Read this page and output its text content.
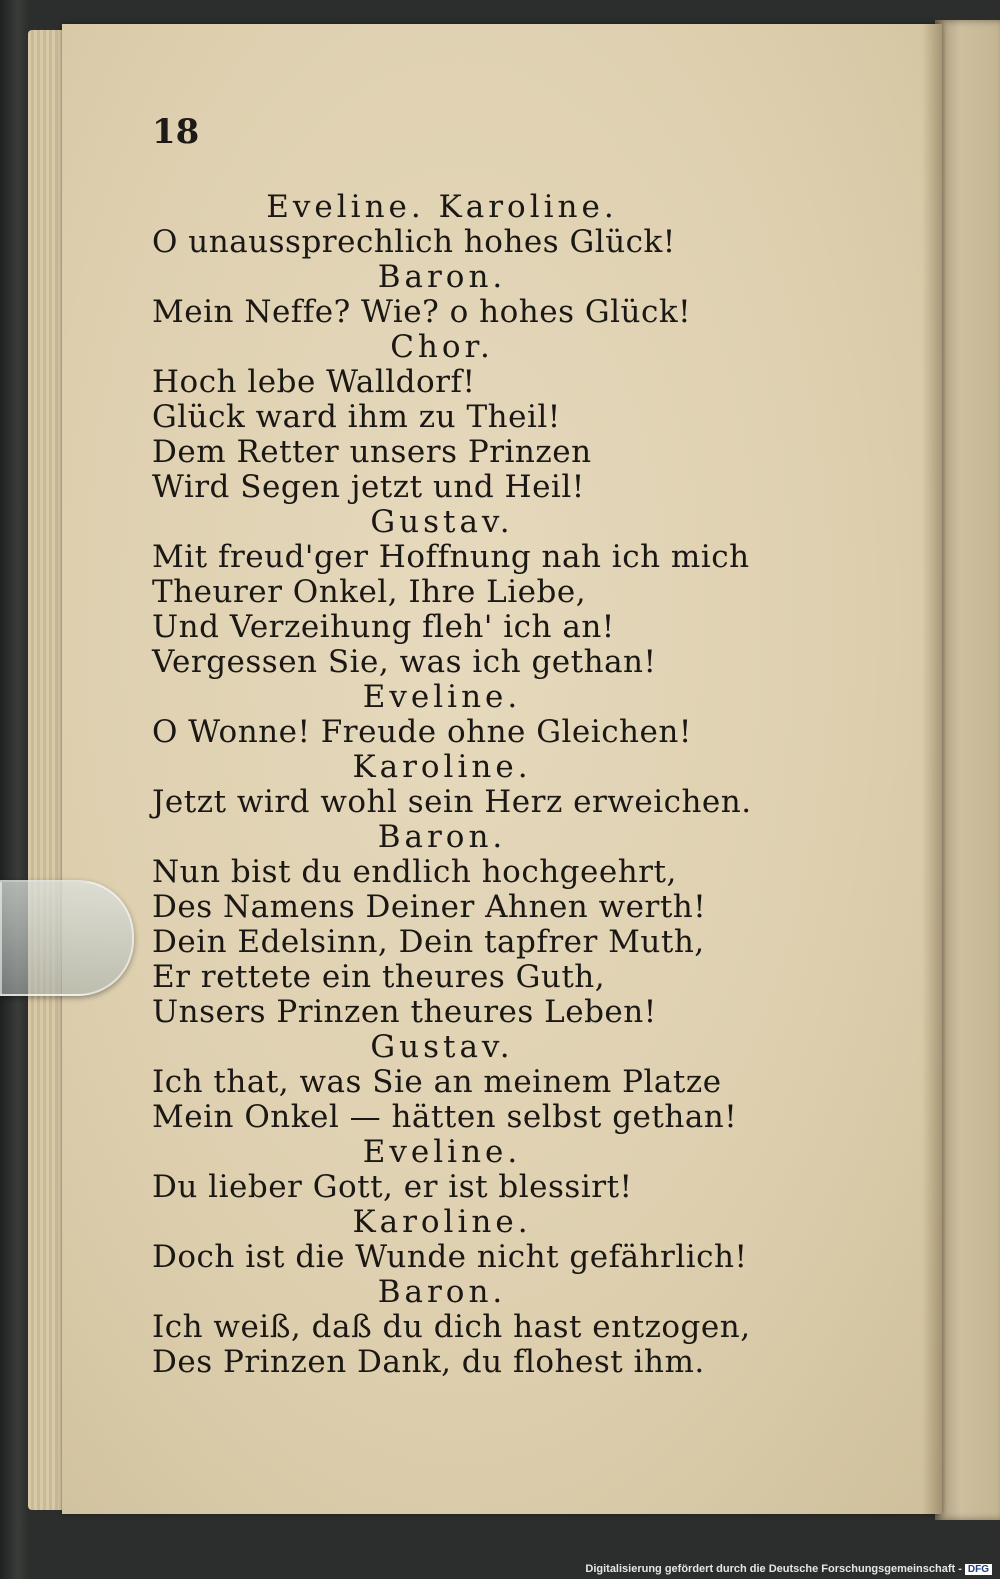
18
Eveline. Karoline.
O unaussprechlich hohes Glück!
Baron.
Mein Neffe? Wie? o hohes Glück!
Chor.
Hoch lebe Walldorf!
Glück ward ihm zu Theil!
Dem Retter unsers Prinzen
Wird Segen jetzt und Heil!
Gustav.
Mit freud'ger Hoffnung nah ich mich
Theurer Onkel, Ihre Liebe,
Und Verzeihung fleh' ich an!
Vergessen Sie, was ich gethan!
Eveline.
O Wonne! Freude ohne Gleichen!
Karoline.
Jetzt wird wohl sein Herz erweichen.
Baron.
Nun bist du endlich hochgeehrt,
Des Namens Deiner Ahnen werth!
Dein Edelsinn, Dein tapfrer Muth,
Er rettete ein theures Guth,
Unsers Prinzen theures Leben!
Gustav.
Ich that, was Sie an meinem Platze
Mein Onkel — hätten selbst gethan!
Eveline.
Du lieber Gott, er ist blessirt!
Karoline.
Doch ist die Wunde nicht gefährlich!
Baron.
Ich weiß, daß du dich hast entzogen,
Des Prinzen Dank, du flohest ihm.
Digitalisierung gefördert durch die Deutsche Forschungsgemeinschaft - DFG
